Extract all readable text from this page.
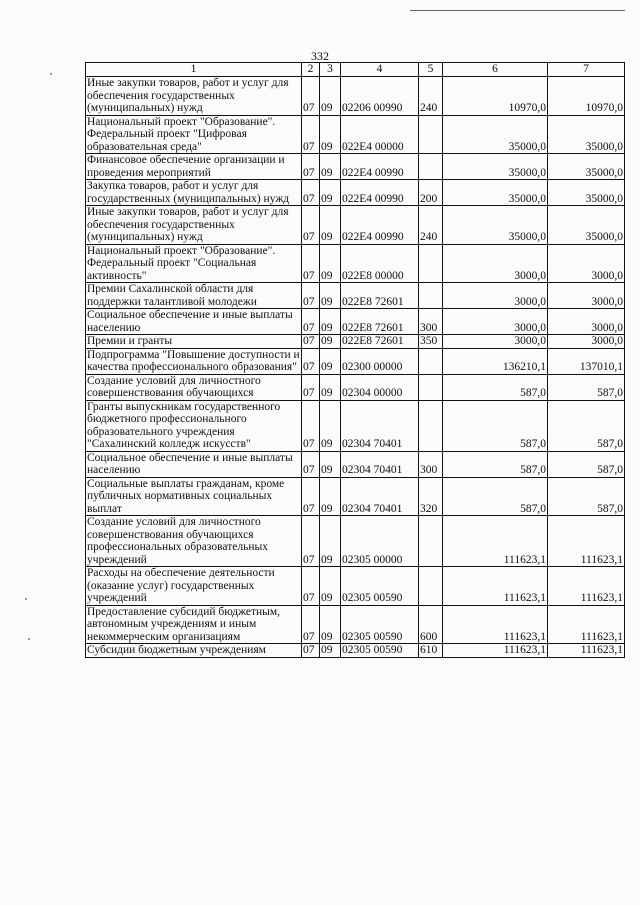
332
1	2	3	4	5	6	7
Иные закупки товаров, работ и услуг для обеспечения государственных (муниципальных) нужд	07	09	02206 00990	240	10970,0	10970,0
Национальный проект "Образование". Федеральный проект "Цифровая образовательная среда"	07	09	022Е4 00000		35000,0	35000,0
Финансовое обеспечение организации и проведения мероприятий	07	09	022Е4 00990		35000,0	35000,0
Закупка товаров, работ и услуг для государственных (муниципальных) нужд	07	09	022Е4 00990	200	35000,0	35000,0
Иные закупки товаров, работ и услуг для обеспечения государственных (муниципальных) нужд	07	09	022Е4 00990	240	35000,0	35000,0
Национальный проект "Образование". Федеральный проект "Социальная активность"	07	09	022Е8 00000		3000,0	3000,0
Премии Сахалинской области для поддержки талантливой молодежи	07	09	022Е8 72601		3000,0	3000,0
Социальное обеспечение и иные выплаты населению	07	09	022Е8 72601	300	3000,0	3000,0
Премии и гранты	07	09	022Е8 72601	350	3000,0	3000,0
Подпрограмма "Повышение доступности и качества профессионального образования"	07	09	02300 00000		136210,1	137010,1
Создание условий для личностного совершенствования обучающихся	07	09	02304 00000		587,0	587,0
Гранты выпускникам государственного бюджетного профессионального образовательного учреждения "Сахалинский колледж искусств"	07	09	02304 70401		587,0	587,0
Социальное обеспечение и иные выплаты населению	07	09	02304 70401	300	587,0	587,0
Социальные выплаты гражданам, кроме публичных нормативных социальных выплат	07	09	02304 70401	320	587,0	587,0
Создание условий для личностного совершенствования обучающихся профессиональных образовательных учреждений	07	09	02305 00000		111623,1	111623,1
Расходы на обеспечение деятельности (оказание услуг) государственных учреждений	07	09	02305 00590		111623,1	111623,1
Предоставление субсидий бюджетным, автономным учреждениям и иным некоммерческим организациям	07	09	02305 00590	600	111623,1	111623,1
Субсидии бюджетным учреждениям	07	09	02305 00590	610	111623,1	111623,1
